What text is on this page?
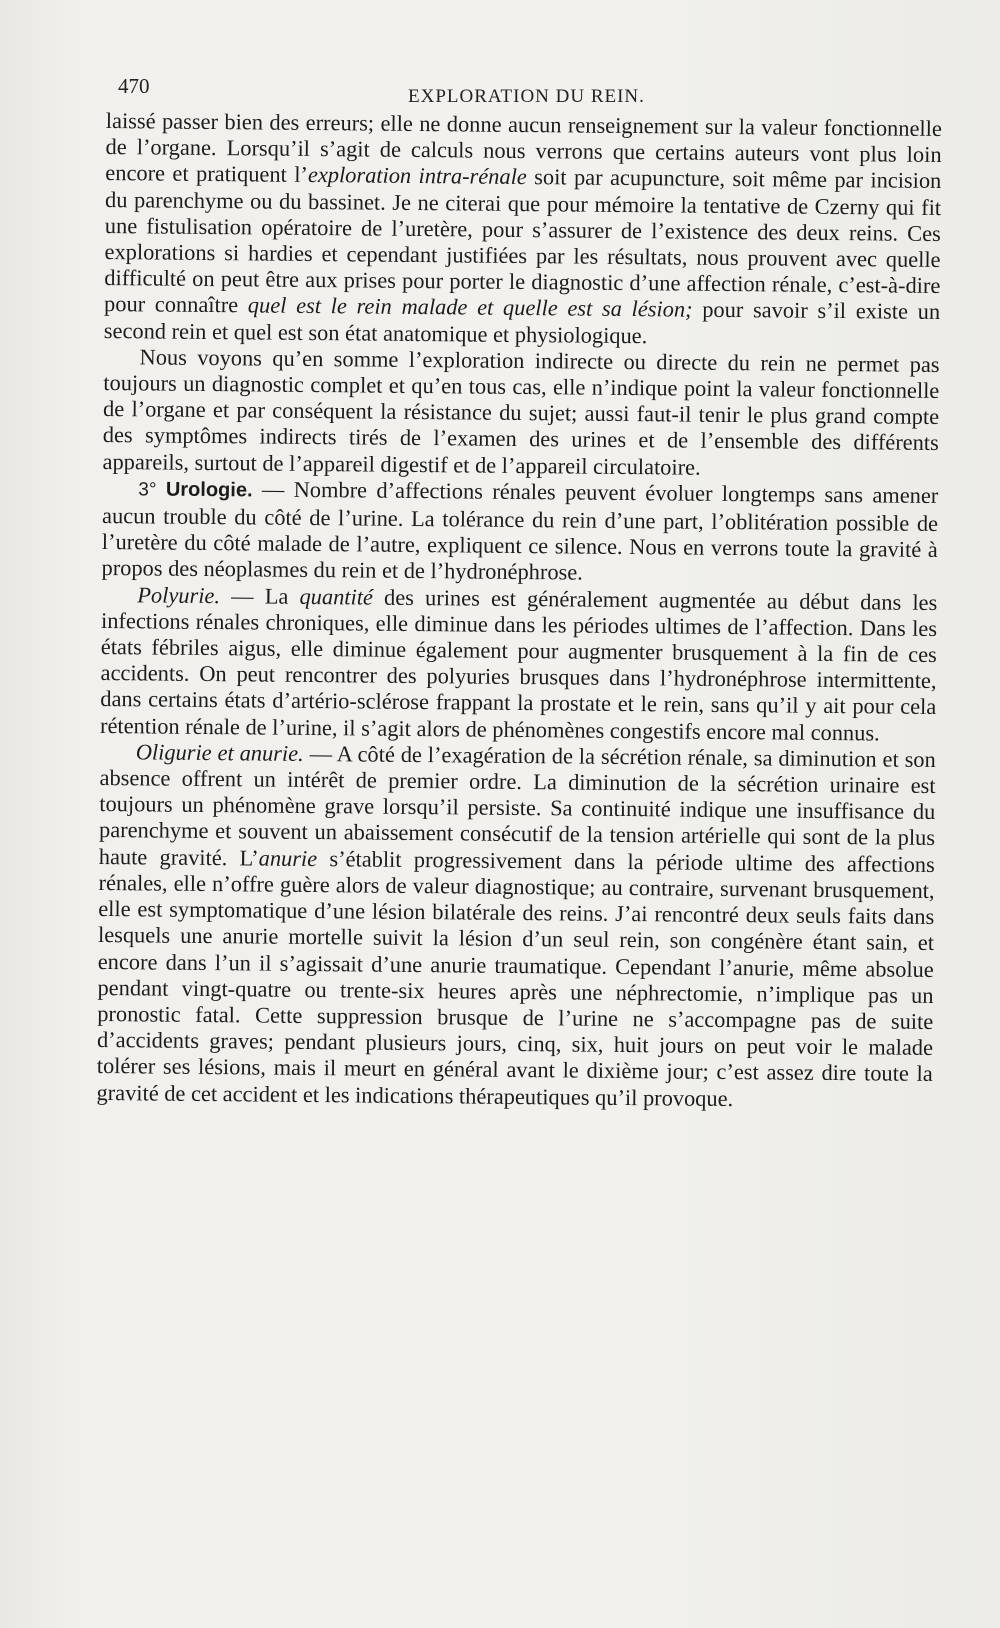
470	EXPLORATION DU REIN.

laissé passer bien des erreurs; elle ne donne aucun renseignement sur la valeur fonctionnelle de l’organe. Lorsqu’il s’agit de calculs nous verrons que certains auteurs vont plus loin encore et pratiquent l’exploration intra-rénale soit par acupuncture, soit même par incision du parenchyme ou du bassinet. Je ne citerai que pour mémoire la tentative de Czerny qui fit une fistulisation opératoire de l’uretère, pour s’assurer de l’existence des deux reins. Ces explorations si hardies et cependant justifiées par les résultats, nous prouvent avec quelle difficulté on peut être aux prises pour porter le diagnostic d’une affection rénale, c’est-à-dire pour connaître quel est le rein malade et quelle est sa lésion; pour savoir s’il existe un second rein et quel est son état anatomique et physiologique.

Nous voyons qu’en somme l’exploration indirecte ou directe du rein ne permet pas toujours un diagnostic complet et qu’en tous cas, elle n’indique point la valeur fonctionnelle de l’organe et par conséquent la résistance du sujet; aussi faut-il tenir le plus grand compte des symptômes indirects tirés de l’examen des urines et de l’ensemble des différents appareils, surtout de l’appareil digestif et de l’appareil circulatoire.

3° Urologie. — Nombre d’affections rénales peuvent évoluer longtemps sans amener aucun trouble du côté de l’urine. La tolérance du rein d’une part, l’oblitération possible de l’uretère du côté malade de l’autre, expliquent ce silence. Nous en verrons toute la gravité à propos des néoplasmes du rein et de l’hydronéphrose.

Polyurie. — La quantité des urines est généralement augmentée au début dans les infections rénales chroniques, elle diminue dans les périodes ultimes de l’affection. Dans les états fébriles aigus, elle diminue également pour augmenter brusquement à la fin de ces accidents. On peut rencontrer des polyuries brusques dans l’hydronéphrose intermittente, dans certains états d’artério-sclérose frappant la prostate et le rein, sans qu’il y ait pour cela rétention rénale de l’urine, il s’agit alors de phénomènes congestifs encore mal connus.

Oligurie et anurie. — A côté de l’exagération de la sécrétion rénale, sa diminution et son absence offrent un intérêt de premier ordre. La diminution de la sécrétion urinaire est toujours un phénomène grave lorsqu’il persiste. Sa continuité indique une insuffisance du parenchyme et souvent un abaissement consécutif de la tension artérielle qui sont de la plus haute gravité. L’anurie s’établit progressivement dans la période ultime des affections rénales, elle n’offre guère alors de valeur diagnostique; au contraire, survenant brusquement, elle est symptomatique d’une lésion bilatérale des reins. J’ai rencontré deux seuls faits dans lesquels une anurie mortelle suivit la lésion d’un seul rein, son congénère étant sain, et encore dans l’un il s’agissait d’une anurie traumatique. Cependant l’anurie, même absolue pendant vingt-quatre ou trente-six heures après une néphrectomie, n’implique pas un pronostic fatal. Cette suppression brusque de l’urine ne s’accompagne pas de suite d’accidents graves; pendant plusieurs jours, cinq, six, huit jours on peut voir le malade tolérer ses lésions, mais il meurt en général avant le dixième jour; c’est assez dire toute la gravité de cet accident et les indications thérapeutiques qu’il provoque.
